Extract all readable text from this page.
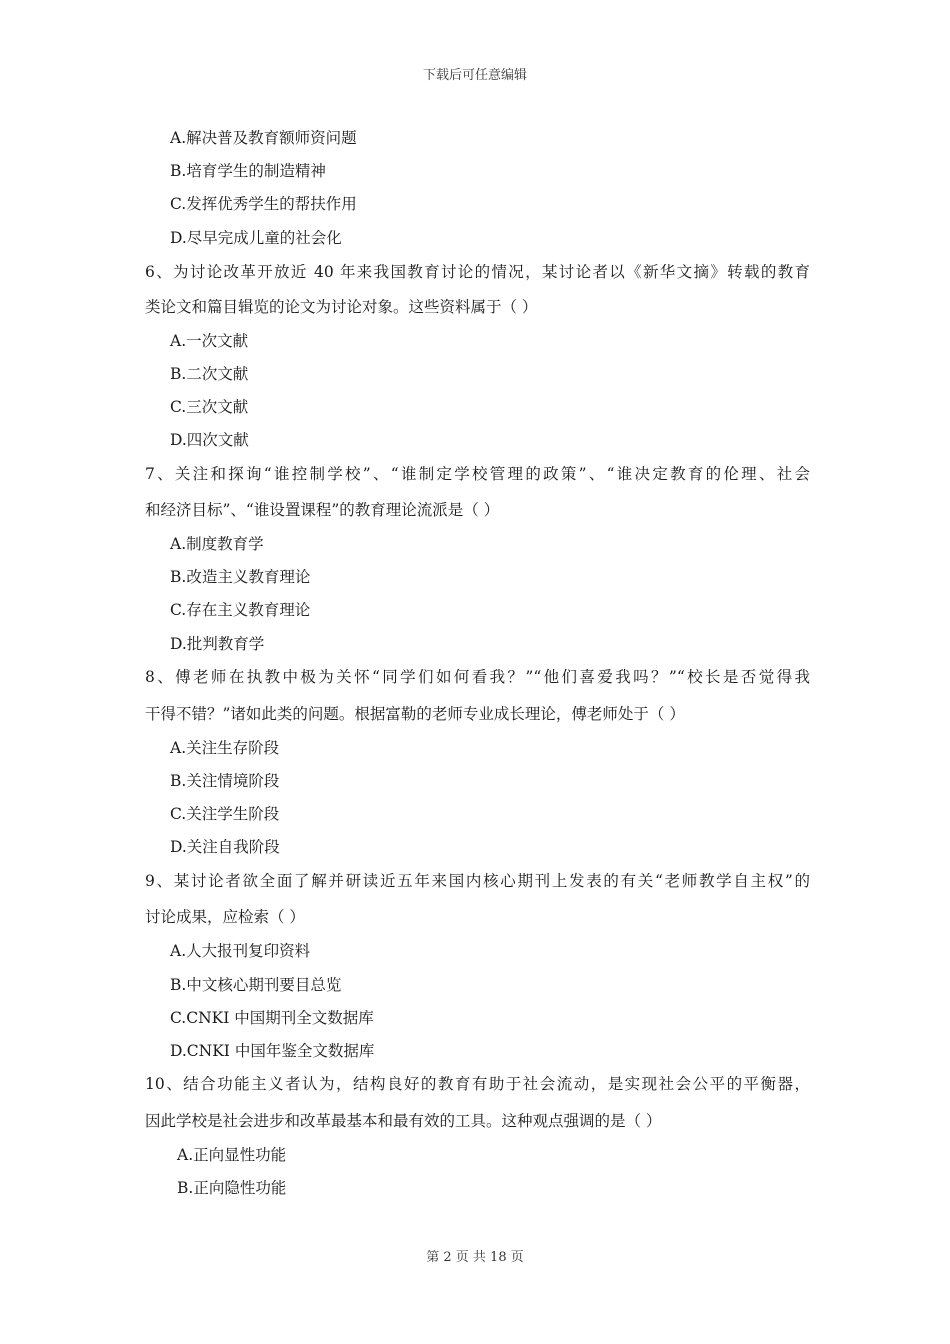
下载后可任意编辑
A.解决普及教育额师资问题
B.培育学生的制造精神
C.发挥优秀学生的帮扶作用
D.尽早完成儿童的社会化
6、为讨论改革开放近 40 年来我国教育讨论的情况，某讨论者以《新华文摘》转载的教育
类论文和篇目辑览的论文为讨论对象。这些资料属于（ ）
A.一次文献
B.二次文献
C.三次文献
D.四次文献
7、关注和探询“谁控制学校”、“谁制定学校管理的政策”、“谁决定教育的伦理、社会
和经济目标”、“谁设置课程”的教育理论流派是（ ）
A.制度教育学
B.改造主义教育理论
C.存在主义教育理论
D.批判教育学
8、傅老师在执教中极为关怀“同学们如何看我？”“他们喜爱我吗？”“校长是否觉得我
干得不错？”诸如此类的问题。根据富勒的老师专业成长理论，傅老师处于（ ）
A.关注生存阶段
B.关注情境阶段
C.关注学生阶段
D.关注自我阶段
9、某讨论者欲全面了解并研读近五年来国内核心期刊上发表的有关“老师教学自主权”的
讨论成果，应检索（ ）
A.人大报刊复印资料
B.中文核心期刊要目总览
C.CNKI 中国期刊全文数据库
D.CNKI 中国年鉴全文数据库
10、结合功能主义者认为，结构良好的教育有助于社会流动，是实现社会公平的平衡器，
因此学校是社会进步和改革最基本和最有效的工具。这种观点强调的是（ ）
A.正向显性功能
B.正向隐性功能
第 2 页 共 18 页
